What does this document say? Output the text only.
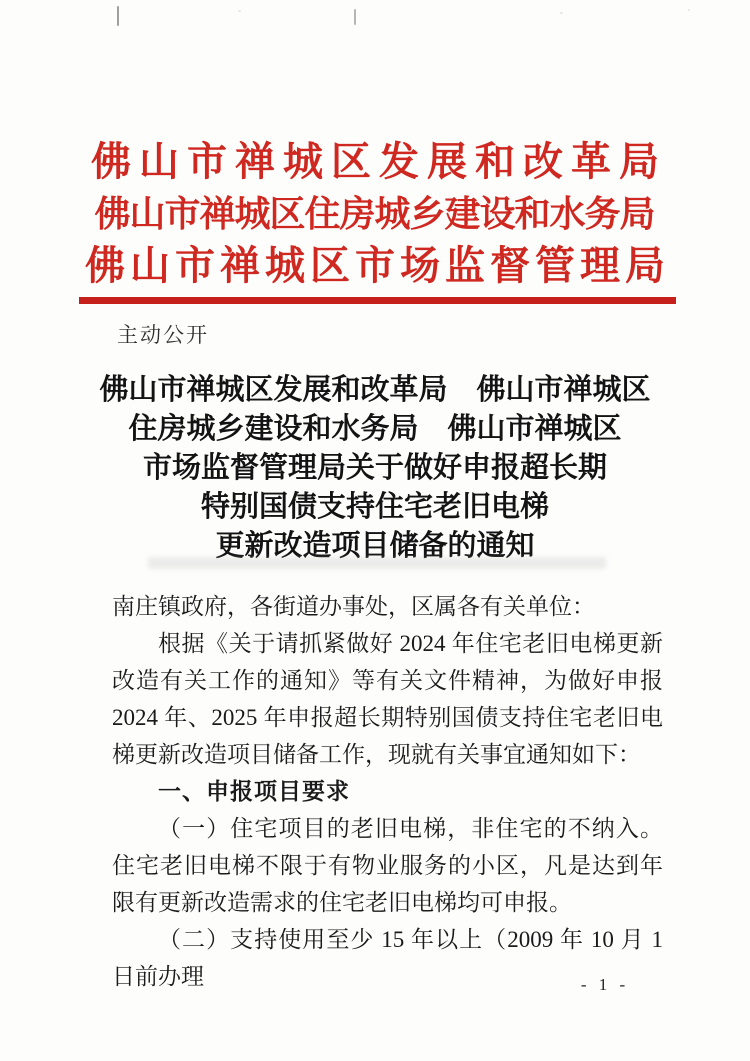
佛山市禅城区发展和改革局
佛山市禅城区住房城乡建设和水务局
佛山市禅城区市场监督管理局
主动公开
佛山市禅城区发展和改革局　佛山市禅城区
住房城乡建设和水务局　佛山市禅城区
市场监督管理局关于做好申报超长期
特别国债支持住宅老旧电梯
更新改造项目储备的通知

南庄镇政府，各街道办事处，区属各有关单位：

根据《关于请抓紧做好 2024 年住宅老旧电梯更新改造有关工作的通知》等有关文件精神，为做好申报 2024 年、2025 年申报超长期特别国债支持住宅老旧电梯更新改造项目储备工作，现就有关事宜通知如下：

一、申报项目要求

（一）住宅项目的老旧电梯，非住宅的不纳入。住宅老旧电梯不限于有物业服务的小区，凡是达到年限有更新改造需求的住宅老旧电梯均可申报。

（二）支持使用至少 15 年以上（2009 年 10 月 1 日前办理	- 1 -
